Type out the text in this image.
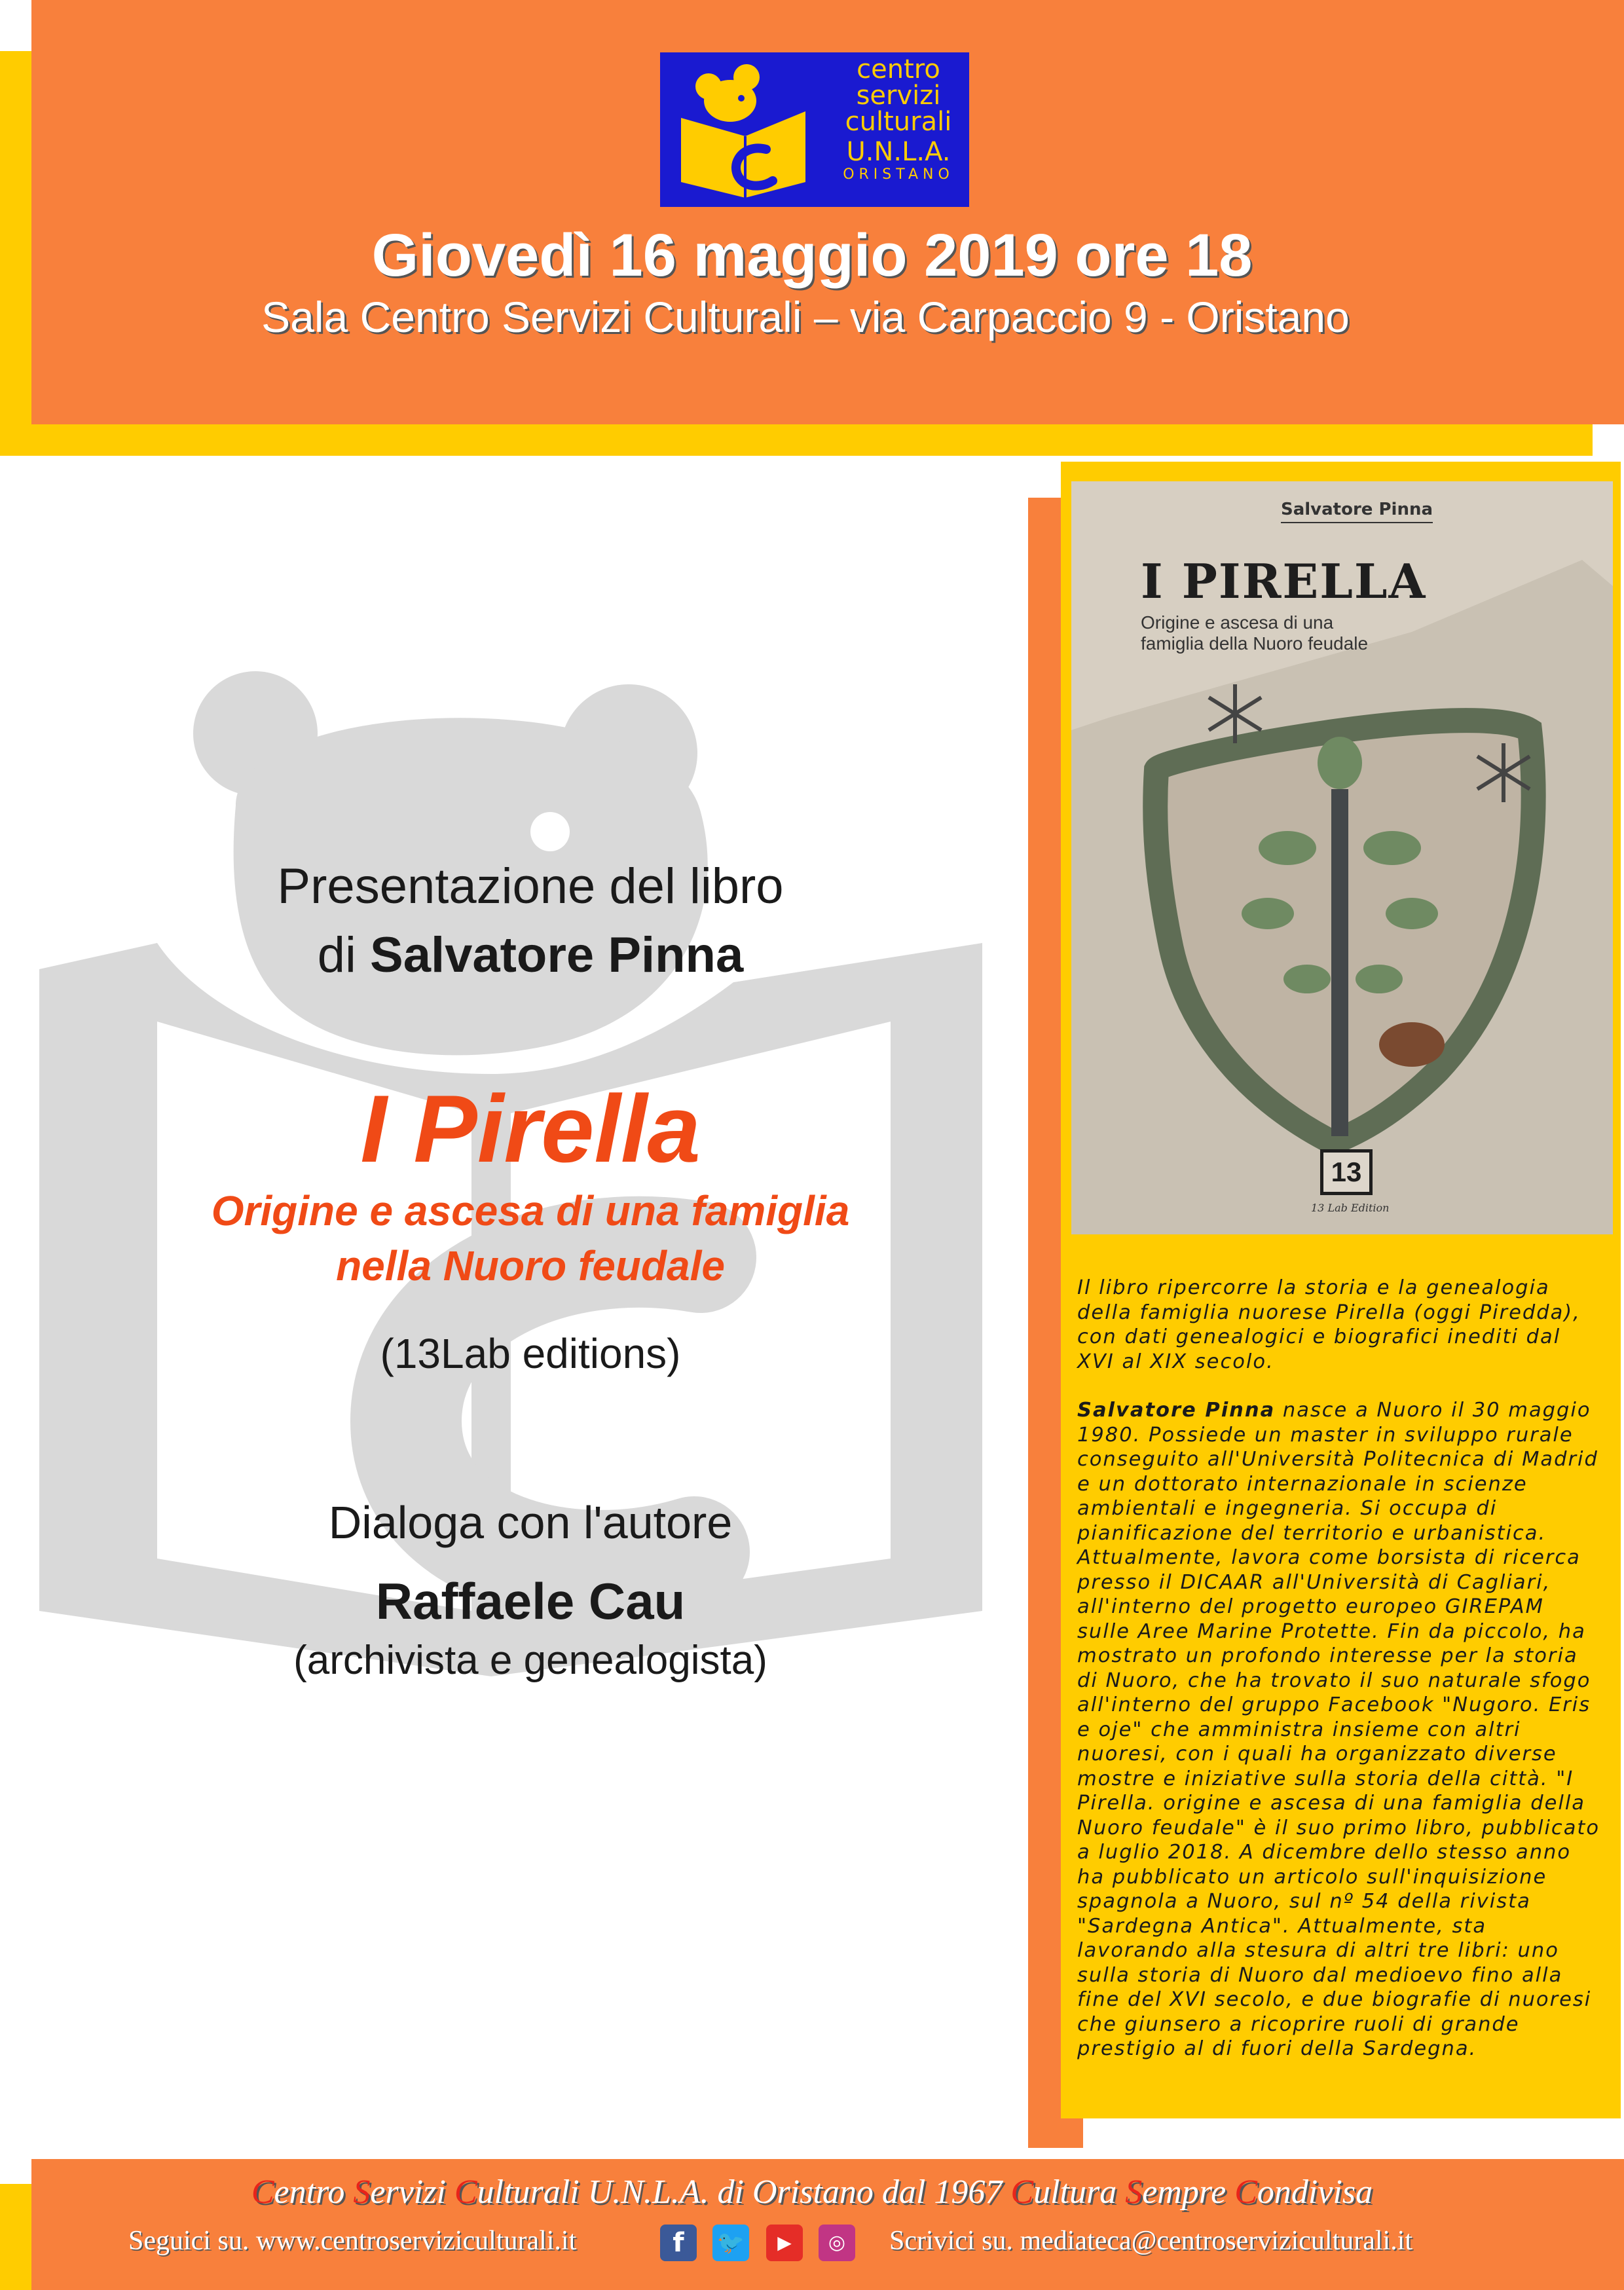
centro
servizi
culturali
U.N.L.A.
ORISTANO
Giovedì 16 maggio 2019 ore 18
Sala Centro Servizi Culturali – via Carpaccio 9 - Oristano
Presentazione del libro
di Salvatore Pinna
I Pirella
Origine e ascesa di una famiglia
nella Nuoro feudale
(13Lab editions)
Dialoga con l'autore
Raffaele Cau
(archivista e genealogista)
Salvatore Pinna
I PIRELLA
Origine e ascesa di una
famiglia della Nuoro feudale
13
13 Lab Edition

Il libro ripercorre la storia e la genealogia della famiglia nuorese Pirella (oggi Piredda), con dati genealogici e biografici inediti dal XVI al XIX secolo.

Salvatore Pinna nasce a Nuoro il 30 maggio 1980. Possiede un master in sviluppo rurale conseguito all'Università Politecnica di Madrid e un dottorato internazionale in scienze ambientali e ingegneria. Si occupa di pianificazione del territorio e urbanistica. Attualmente, lavora come borsista di ricerca presso il DICAAR all'Università di Cagliari, all'interno del progetto europeo GIREPAM sulle Aree Marine Protette. Fin da piccolo, ha mostrato un profondo interesse per la storia di Nuoro, che ha trovato il suo naturale sfogo all'interno del gruppo Facebook "Nugoro. Eris e oje" che amministra insieme con altri nuoresi, con i quali ha organizzato diverse mostre e iniziative sulla storia della città. "I Pirella. origine e ascesa di una famiglia della Nuoro feudale" è il suo primo libro, pubblicato a luglio 2018. A dicembre dello stesso anno ha pubblicato un articolo sull'inquisizione spagnola a Nuoro, sul nº 54 della rivista "Sardegna Antica". Attualmente, sta lavorando alla stesura di altri tre libri: uno sulla storia di Nuoro dal medioevo fino alla fine del XVI secolo, e due biografie di nuoresi che giunsero a ricoprire ruoli di grande prestigio al di fuori della Sardegna.

Centro Servizi Culturali U.N.L.A. di Oristano dal 1967 Cultura Sempre Condivisa
Seguici su. www.centroserviziculturali.it	f	🐦	▶	◎	Scrivici su. mediateca@centroserviziculturali.it
